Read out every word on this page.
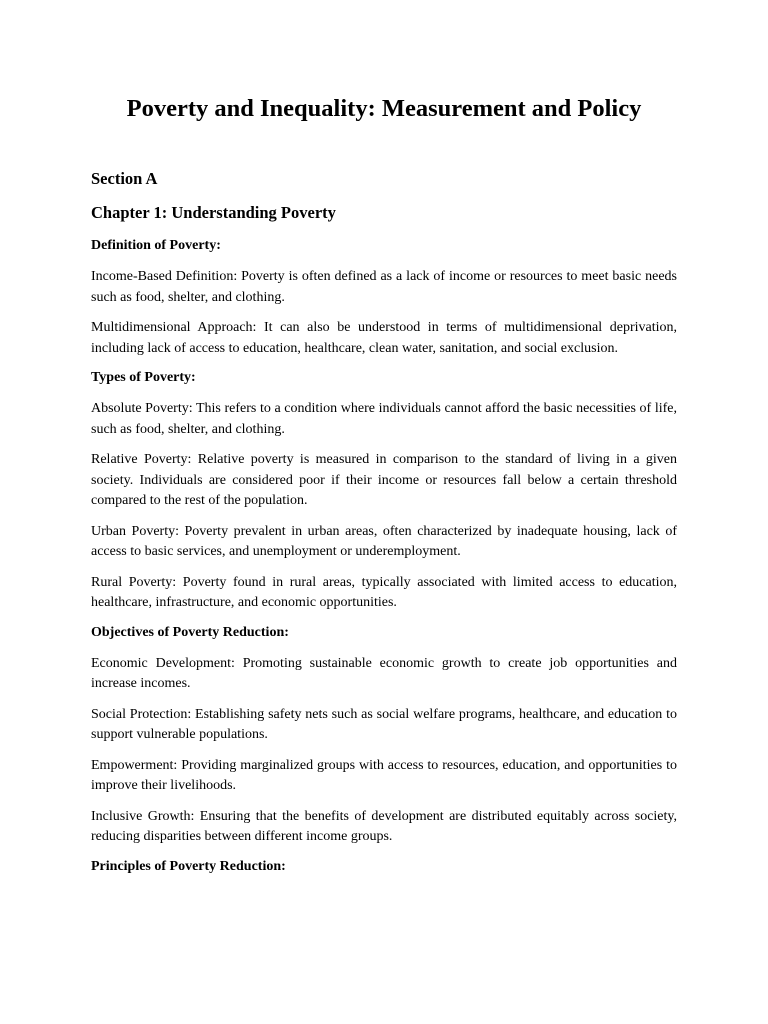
Poverty and Inequality: Measurement and Policy
Section A
Chapter 1: Understanding Poverty
Definition of Poverty:

Income-Based Definition: Poverty is often defined as a lack of income or resources to meet basic needs such as food, shelter, and clothing.

Multidimensional Approach: It can also be understood in terms of multidimensional deprivation, including lack of access to education, healthcare, clean water, sanitation, and social exclusion.

Types of Poverty:

Absolute Poverty: This refers to a condition where individuals cannot afford the basic necessities of life, such as food, shelter, and clothing.

Relative Poverty: Relative poverty is measured in comparison to the standard of living in a given society. Individuals are considered poor if their income or resources fall below a certain threshold compared to the rest of the population.

Urban Poverty: Poverty prevalent in urban areas, often characterized by inadequate housing, lack of access to basic services, and unemployment or underemployment.

Rural Poverty: Poverty found in rural areas, typically associated with limited access to education, healthcare, infrastructure, and economic opportunities.

Objectives of Poverty Reduction:

Economic Development: Promoting sustainable economic growth to create job opportunities and increase incomes.

Social Protection: Establishing safety nets such as social welfare programs, healthcare, and education to support vulnerable populations.

Empowerment: Providing marginalized groups with access to resources, education, and opportunities to improve their livelihoods.

Inclusive Growth: Ensuring that the benefits of development are distributed equitably across society, reducing disparities between different income groups.

Principles of Poverty Reduction:
